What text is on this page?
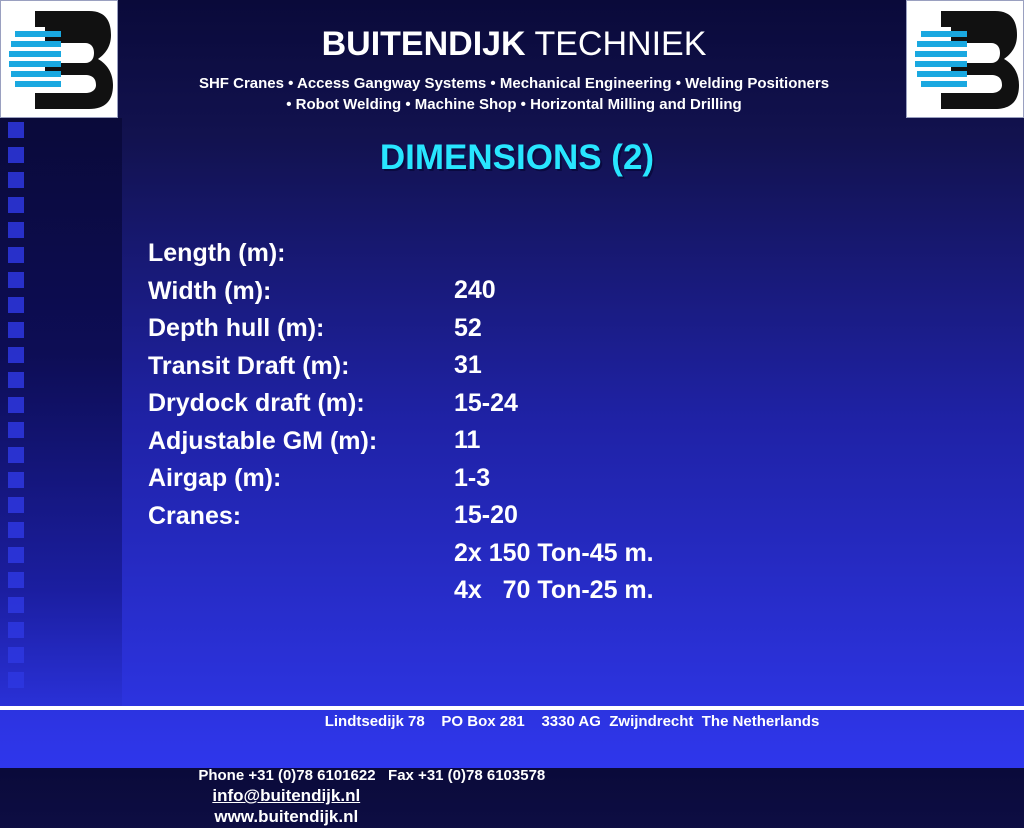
BUITENDIJK TECHNIEK
SHF Cranes • Access Gangway Systems • Mechanical Engineering • Welding Positioners
• Robot Welding • Machine Shop • Horizontal Milling and Drilling
DIMENSIONS (2)

Length (m):

240

Width (m):

52

Depth hull (m):

31

Transit Draft (m):

15-24

Drydock draft (m):

11

Adjustable GM (m):

1-3

Airgap (m):

15-20

Cranes:

2x 150 Ton-45 m.

4x   70 Ton-25 m.

Lindtsedijk 78    PO Box 281    3330 AG  Zwijndrecht  The Netherlands

Phone +31 (0)78 6101622   Fax +31 (0)78 6103578
info@buitendijk.nl
www.buitendijk.nl
